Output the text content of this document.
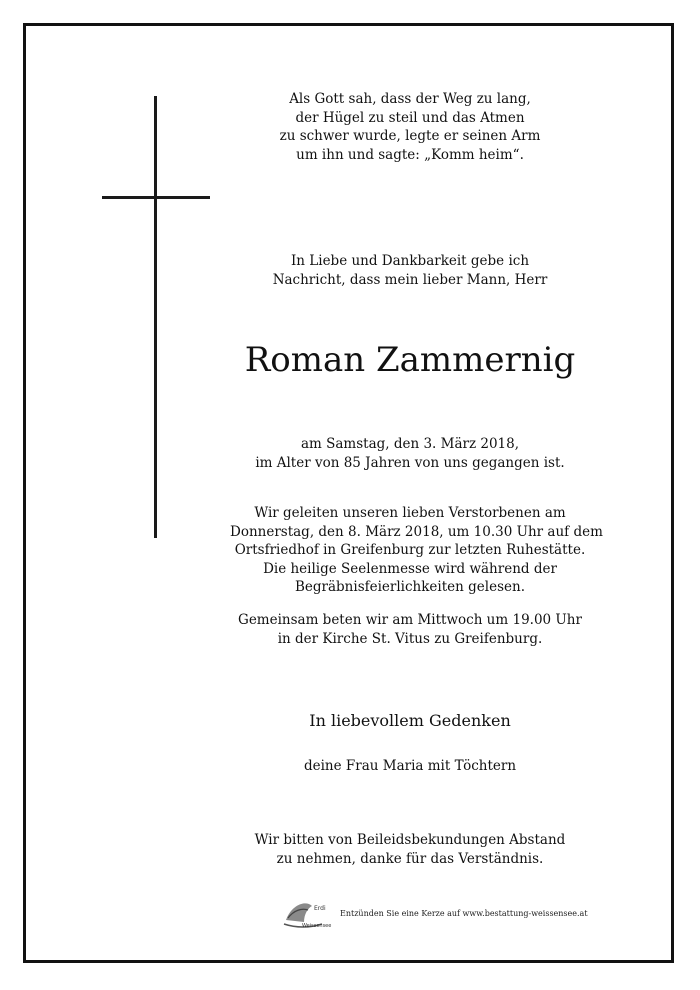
Als Gott sah, dass der Weg zu lang,
der Hügel zu steil und das Atmen
zu schwer wurde, legte er seinen Arm
um ihn und sagte: „Komm heim“.
In Liebe und Dankbarkeit gebe ich
Nachricht, dass mein lieber Mann, Herr
Roman Zammernig
am Samstag, den 3. März 2018,
im Alter von 85 Jahren von uns gegangen ist.
Wir geleiten unseren lieben Verstorbenen am
Donnerstag, den 8. März 2018, um 10.30 Uhr auf dem
Ortsfriedhof in Greifenburg zur letzten Ruhestätte.
Die heilige Seelenmesse wird während der
Begräbnisfeierlichkeiten gelesen.
Gemeinsam beten wir am Mittwoch um 19.00 Uhr
in der Kirche St. Vitus zu Greifenburg.
In liebevollem Gedenken
deine Frau Maria mit Töchtern
Wir bitten von Beileidsbekundungen Abstand
zu nehmen, danke für das Verständnis.
Erdi
Weissensee
Entzünden Sie eine Kerze auf www.bestattung-weissensee.at
